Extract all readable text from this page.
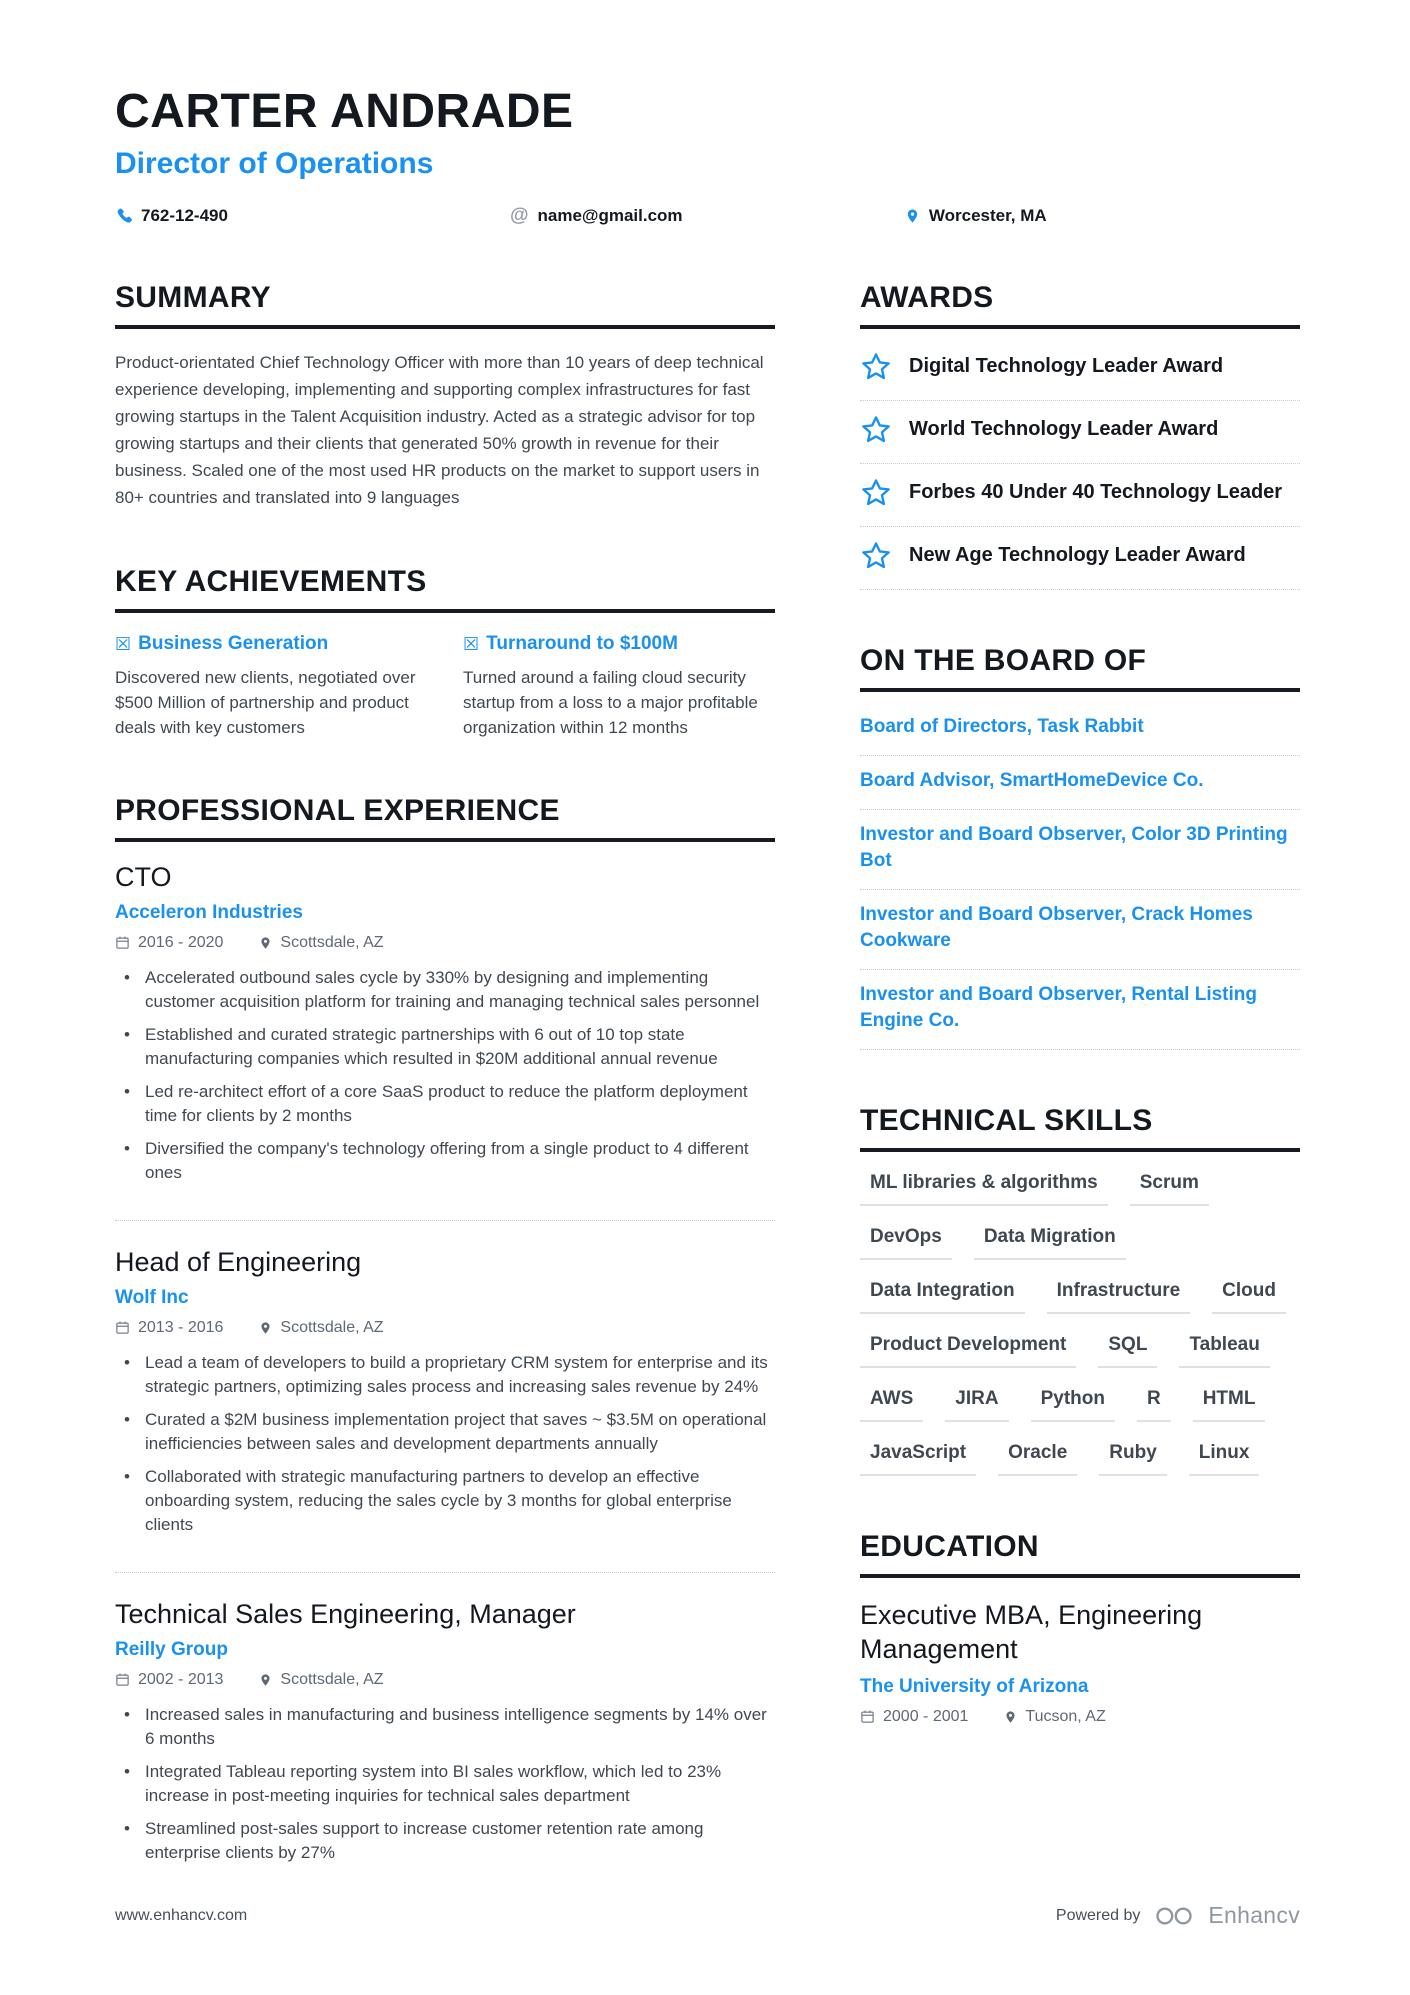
CARTER ANDRADE
Director of Operations
762-12-490	@ name@gmail.com	Worcester, MA
SUMMARY

Product-orientated Chief Technology Officer with more than 10 years of deep technical experience developing, implementing and supporting complex infrastructures for fast growing startups in the Talent Acquisition industry. Acted as a strategic advisor for top growing startups and their clients that generated 50% growth in revenue for their business. Scaled one of the most used HR products on the market to support users in 80+ countries and translated into 9 languages

KEY ACHIEVEMENTS
☒ Business Generation

Discovered new clients, negotiated over $500 Million of partnership and product deals with key customers

☒ Turnaround to $100M

Turned around a failing cloud security startup from a loss to a major profitable organization within 12 months

PROFESSIONAL EXPERIENCE
CTO
Acceleron Industries
2016 - 2020	Scottsdale, AZ
• Accelerated outbound sales cycle by 330% by designing and implementing customer acquisition platform for training and managing technical sales personnel
• Established and curated strategic partnerships with 6 out of 10 top state manufacturing companies which resulted in $20M additional annual revenue
• Led re-architect effort of a core SaaS product to reduce the platform deployment time for clients by 2 months
• Diversified the company's technology offering from a single product to 4 different ones
Head of Engineering
Wolf Inc
2013 - 2016	Scottsdale, AZ
• Lead a team of developers to build a proprietary CRM system for enterprise and its strategic partners, optimizing sales process and increasing sales revenue by 24%
• Curated a $2M business implementation project that saves ~ $3.5M on operational inefficiencies between sales and development departments annually
• Collaborated with strategic manufacturing partners to develop an effective onboarding system, reducing the sales cycle by 3 months for global enterprise clients
Technical Sales Engineering, Manager
Reilly Group
2002 - 2013	Scottsdale, AZ
• Increased sales in manufacturing and business intelligence segments by 14% over 6 months
• Integrated Tableau reporting system into BI sales workflow, which led to 23% increase in post-meeting inquiries for technical sales department
• Streamlined post-sales support to increase customer retention rate among enterprise clients by 27%
AWARDS
Digital Technology Leader Award
World Technology Leader Award
Forbes 40 Under 40 Technology Leader
New Age Technology Leader Award
ON THE BOARD OF
Board of Directors, Task Rabbit
Board Advisor, SmartHomeDevice Co.
Investor and Board Observer, Color 3D Printing Bot
Investor and Board Observer, Crack Homes Cookware
Investor and Board Observer, Rental Listing Engine Co.
TECHNICAL SKILLS
ML libraries & algorithms	Scrum
DevOps	Data Migration
Data Integration	Infrastructure	Cloud
Product Development	SQL	Tableau
AWS	JIRA	Python	R	HTML
JavaScript	Oracle	Ruby	Linux
EDUCATION
Executive MBA, Engineering Management
The University of Arizona
2000 - 2001	Tucson, AZ
www.enhancv.com	Powered by	Enhancv
